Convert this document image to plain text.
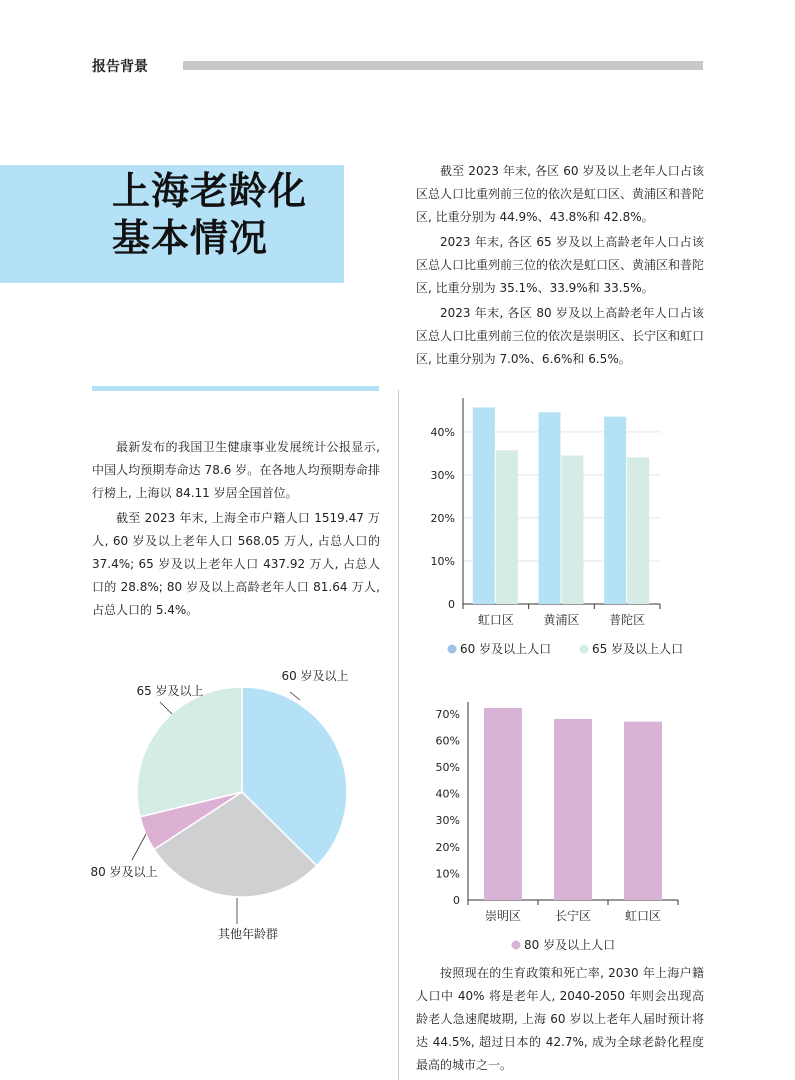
报告背景
上海老龄化
基本情况

截至 2023 年末, 各区 60 岁及以上老年人口占该区总人口比重列前三位的依次是虹口区、黄浦区和普陀区, 比重分别为 44.9%、43.8%和 42.8%。

2023 年末, 各区 65 岁及以上高龄老年人口占该区总人口比重列前三位的依次是虹口区、黄浦区和普陀区, 比重分别为 35.1%、33.9%和 33.5%。

2023 年末, 各区 80 岁及以上高龄老年人口占该区总人口比重列前三位的依次是崇明区、长宁区和虹口区, 比重分别为 7.0%、6.6%和 6.5%。

最新发布的我国卫生健康事业发展统计公报显示, 中国人均预期寿命达 78.6 岁。在各地人均预期寿命排行榜上, 上海以 84.11 岁居全国首位。

截至 2023 年末, 上海全市户籍人口 1519.47 万人, 60 岁及以上老年人口 568.05 万人, 占总人口的 37.4%; 65 岁及以上老年人口 437.92 万人, 占总人口的 28.8%; 80 岁及以上高龄老年人口 81.64 万人, 占总人口的 5.4%。

60 岁及以上
其他年龄群
80 岁及以上
65 岁及以上
0
10%
20%
30%
40%
虹口区 黄浦区 普陀区
60 岁及以上人口	65 岁及以上人口
0
10%
20%
30%
40%
50%
60%
70%
崇明区	长宁区	虹口区
80 岁及以上人口

按照现在的生育政策和死亡率, 2030 年上海户籍人口中 40% 将是老年人, 2040-2050 年则会出现高龄老人急速爬坡期, 上海 60 岁以上老年人届时预计将达 44.5%, 超过日本的 42.7%, 成为全球老龄化程度最高的城市之一。
